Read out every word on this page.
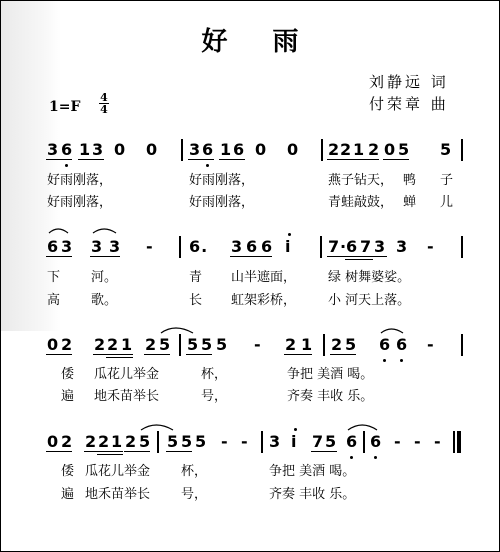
好 雨
刘静远 词
付荣章 曲
1=F
4
4
3 6 1 3 0 0 3 6 1 6 0 0 2 2 1 2 0 5 5
好雨刚落，	好雨刚落，	燕子钻天， 鸭 子
好雨刚落，	好雨刚落，	青蛙敲鼓， 蝉 儿
6 3 3 3 - 6. 3 6 6 i 7 ·
6 7 3 3 -
下 河。	青 山半遮面， 绿 树舞婆娑。
高 歌。	长 虹架彩桥， 小 河天上落。
0 2 2 2 1 2 5 5 5 5 - 2 1 2 5 6 6 -
倭 瓜花儿举金	杯，	争把 美酒 喝。
遍 地禾苗举长	号，	齐奏 丰收 乐。
0 2 2 2 1 2 5 5 5 5 - - 3 i 7 5 6 6 - - -
倭 瓜花儿举金 杯，	争把 美酒 喝。
遍 地禾苗举长 号，	齐奏 丰收 乐。
